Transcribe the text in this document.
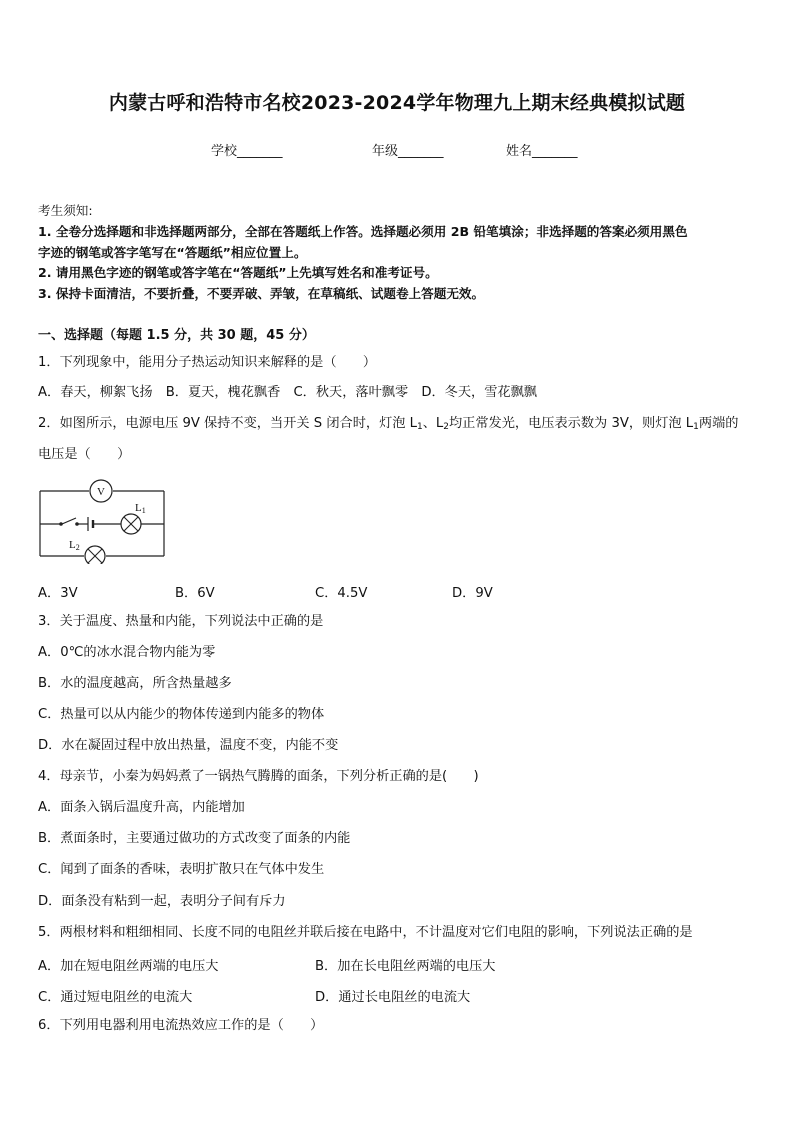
内蒙古呼和浩特市名校2023-2024学年物理九上期末经典模拟试题
学校_______	年级_______	姓名_______
考生须知:
1. 全卷分选择题和非选择题两部分，全部在答题纸上作答。选择题必须用 2B 铅笔填涂；非选择题的答案必须用黑色
字迹的钢笔或答字笔写在“答题纸”相应位置上。
2. 请用黑色字迹的钢笔或答字笔在“答题纸”上先填写姓名和准考证号。
3. 保持卡面清洁，不要折叠，不要弄破、弄皱，在草稿纸、试题卷上答题无效。
一、选择题（每题 1.5 分，共 30 题，45 分）
1．下列现象中，能用分子热运动知识来解释的是（　　）
A．春天，柳絮飞扬　B．夏天，槐花飘香　C．秋天，落叶飘零　D．冬天，雪花飘飘
2．如图所示，电源电压 9V 保持不变，当开关 S 闭合时，灯泡 $L_1$、$L_2$均正常发光，电压表示数为 3V，则灯泡 $L_1$两端的
电压是（　　）
V
L1
L2
A．3V	B．6V	C．4.5V	D．9V
3．关于温度、热量和内能，下列说法中正确的是
A．0℃的冰水混合物内能为零
B．水的温度越高，所含热量越多
C．热量可以从内能少的物体传递到内能多的物体
D．水在凝固过程中放出热量，温度不变，内能不变
4．母亲节，小秦为妈妈煮了一锅热气腾腾的面条，下列分析正确的是(　　)
A．面条入锅后温度升高，内能增加
B．煮面条时，主要通过做功的方式改变了面条的内能
C．闻到了面条的香味，表明扩散只在气体中发生
D．面条没有粘到一起，表明分子间有斥力
5．两根材料和粗细相同、长度不同的电阻丝并联后接在电路中，不计温度对它们电阻的影响，下列说法正确的是
A．加在短电阻丝两端的电压大	B．加在长电阻丝两端的电压大
C．通过短电阻丝的电流大	D．通过长电阻丝的电流大
6．下列用电器利用电流热效应工作的是（　　）
